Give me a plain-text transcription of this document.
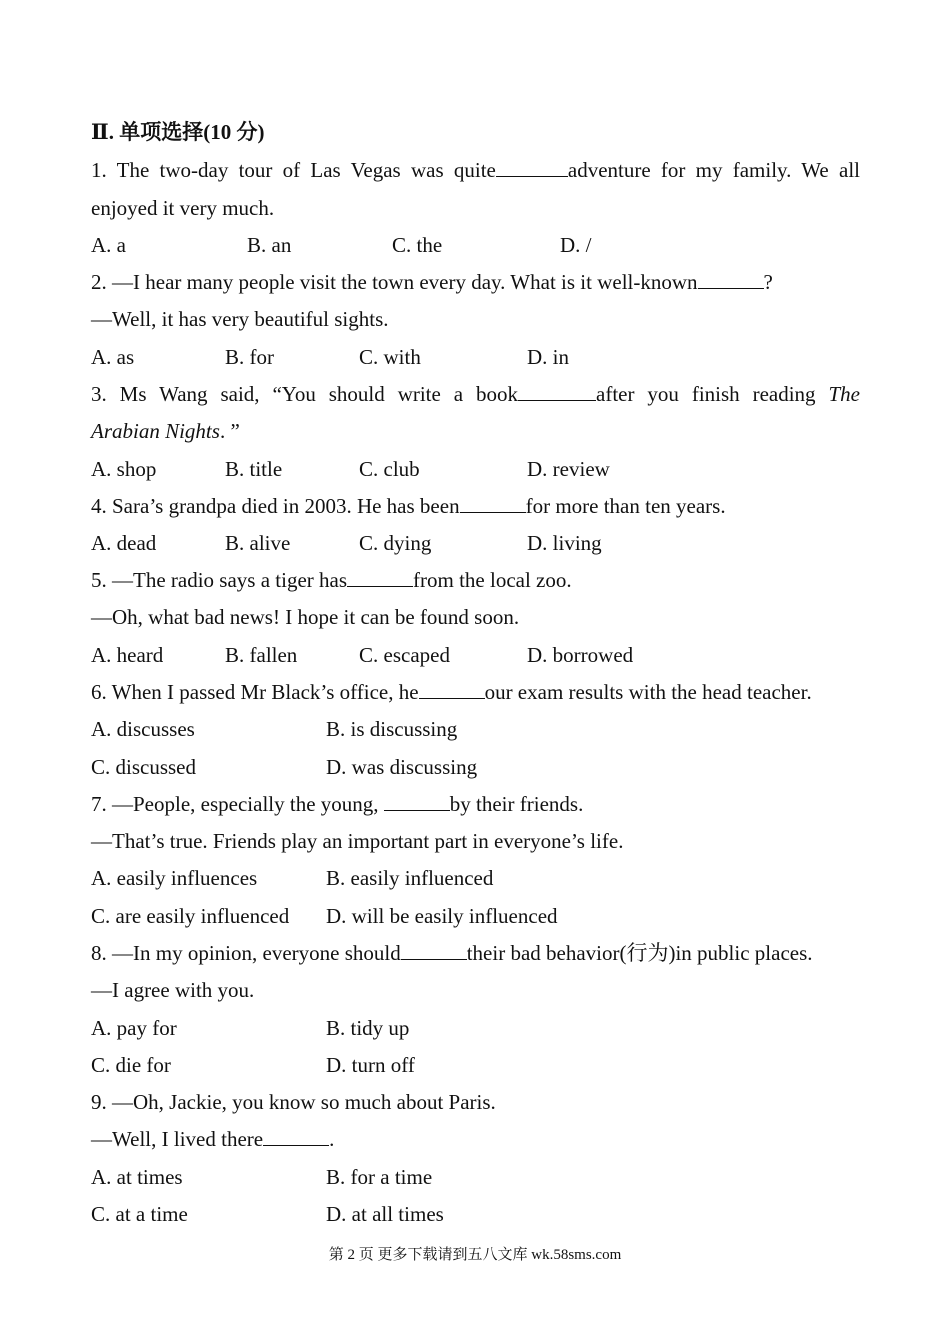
Ⅱ. 单项选择(10 分)
1. The two-day tour of Las Vegas was quite	adventure for my family. We all
enjoyed it very much.
A. a	B. an	C. the	D. /
2. —I hear many people visit the town every day. What is it well-known	?
—Well, it has very beautiful sights.
A. as	B. for	C. with	D. in
3. Ms Wang said, “You should write a book	after you finish reading The
Arabian Nights. ”
A. shop	B. title	C. club	D. review
4. Sara’s grandpa died in 2003. He has been	for more than ten years.
A. dead	B. alive	C. dying	D. living
5. —The radio says a tiger has	from the local zoo.
—Oh, what bad news! I hope it can be found soon.
A. heard	B. fallen	C. escaped	D. borrowed
6. When I passed Mr Black’s office, he	our exam results with the head teacher.
A. discusses	B. is discussing
C. discussed	D. was discussing
7. —People, especially the young,	by their friends.
—That’s true. Friends play an important part in everyone’s life.
A. easily influences	B. easily influenced
C. are easily influenced D. will be easily influenced
8. —In my opinion, everyone should	their bad behavior(行为)in public places.
—I agree with you.
A. pay for	B. tidy up
C. die for	D. turn off
9. —Oh, Jackie, you know so much about Paris.
—Well, I lived there	.
A. at times	B. for a time
C. at a time	D. at all times
第 2 页 更多下载请到五八文库 wk.58sms.com
